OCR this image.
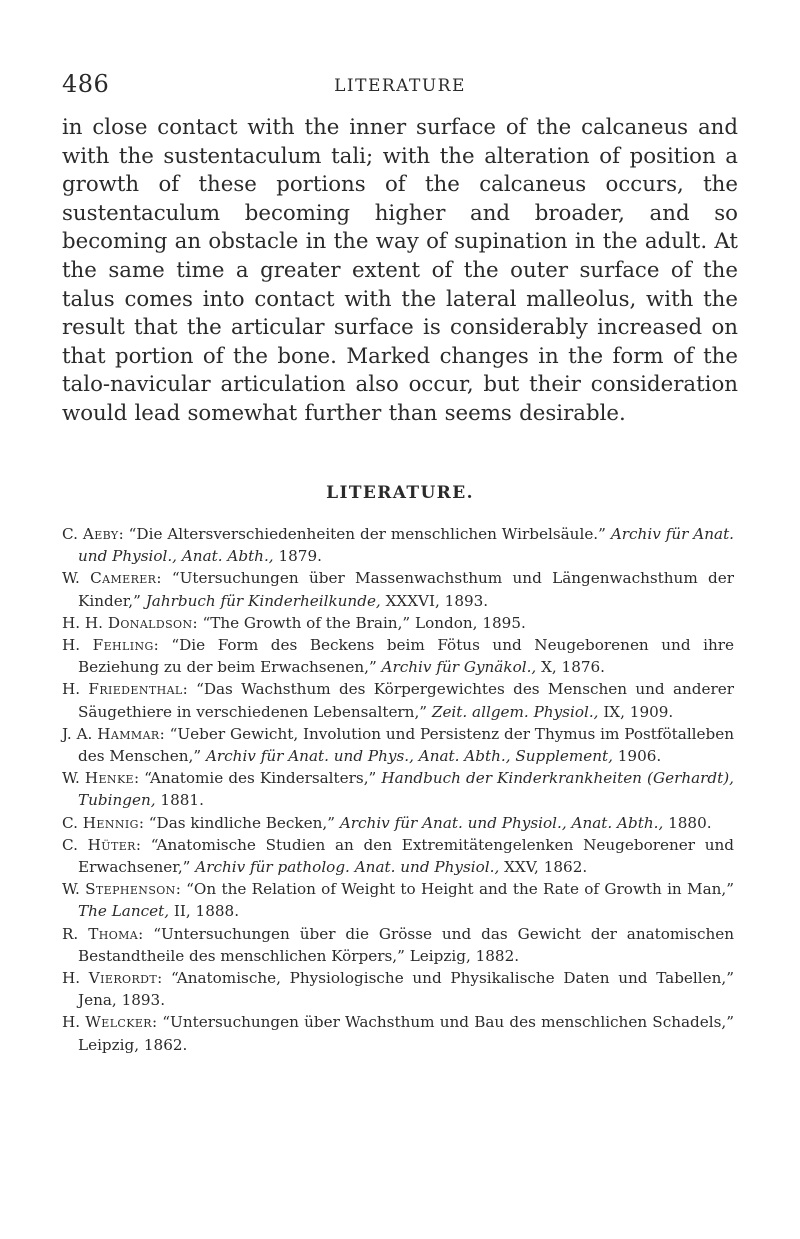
486	LITERATURE

in close contact with the inner surface of the calcaneus and with the sustentaculum tali; with the alteration of position a growth of these portions of the calcaneus occurs, the sustentaculum becoming higher and broader, and so becoming an obstacle in the way of supination in the adult. At the same time a greater extent of the outer surface of the talus comes into contact with the lateral malleolus, with the result that the articular surface is considerably increased on that portion of the bone. Marked changes in the form of the talo-navicular articulation also occur, but their consideration would lead somewhat further than seems desirable.

LITERATURE.
C. Aeby: “Die Altersverschiedenheiten der menschlichen Wirbelsäule.” Archiv für Anat. und Physiol., Anat. Abth., 1879.
W. Camerer: “Utersuchungen über Massenwachsthum und Längenwachsthum der Kinder,” Jahrbuch für Kinderheilkunde, XXXVI, 1893.
H. H. Donaldson: “The Growth of the Brain,” London, 1895.
H. Fehling: “Die Form des Beckens beim Fötus und Neugeborenen und ihre Beziehung zu der beim Erwachsenen,” Archiv für Gynäkol., X, 1876.
H. Friedenthal: “Das Wachsthum des Körpergewichtes des Menschen und anderer Säugethiere in verschiedenen Lebensaltern,” Zeit. allgem. Physiol., IX, 1909.
J. A. Hammar: “Ueber Gewicht, Involution und Persistenz der Thymus im Postfötalleben des Menschen,” Archiv für Anat. und Phys., Anat. Abth., Supplement, 1906.
W. Henke: “Anatomie des Kindersalters,” Handbuch der Kinderkrankheiten (Gerhardt), Tubingen, 1881.
C. Hennig: “Das kindliche Becken,” Archiv für Anat. und Physiol., Anat. Abth., 1880.
C. Hüter: “Anatomische Studien an den Extremitätengelenken Neugeborener und Erwachsener,” Archiv für patholog. Anat. und Physiol., XXV, 1862.
W. Stephenson: “On the Relation of Weight to Height and the Rate of Growth in Man,” The Lancet, II, 1888.
R. Thoma: “Untersuchungen über die Grösse und das Gewicht der anatomischen Bestandtheile des menschlichen Körpers,” Leipzig, 1882.
H. Vierordt: “Anatomische, Physiologische und Physikalische Daten und Tabellen,” Jena, 1893.
H. Welcker: “Untersuchungen über Wachsthum und Bau des menschlichen Schadels,” Leipzig, 1862.
